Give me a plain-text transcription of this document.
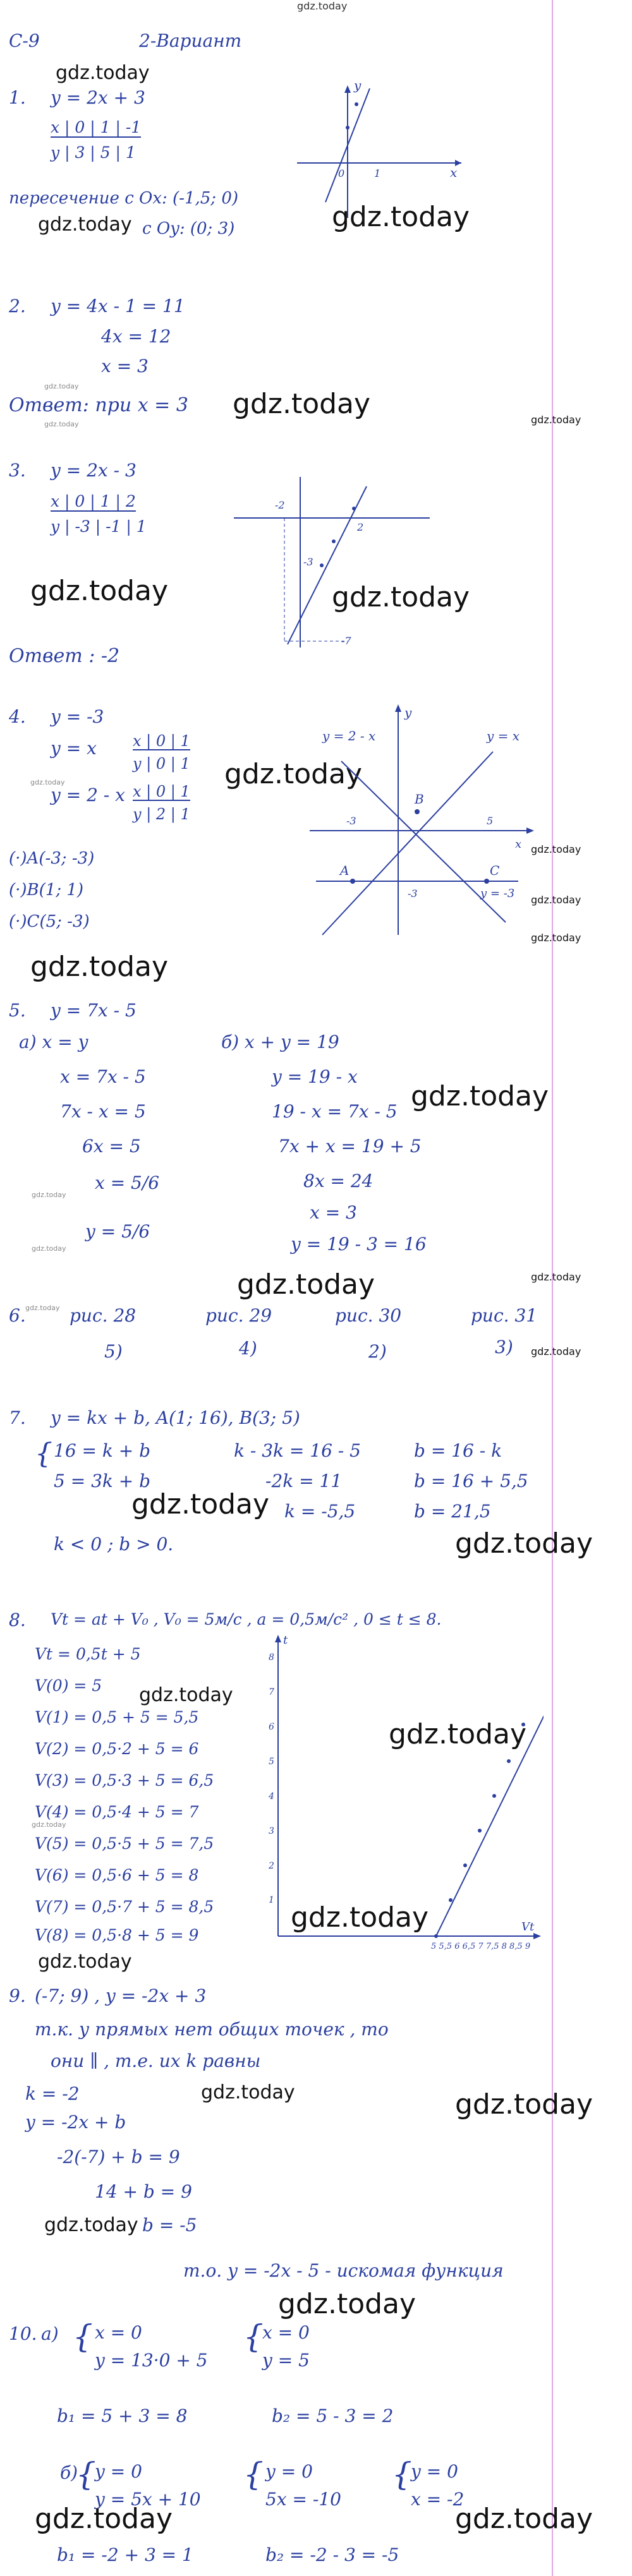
gdz.today
С-9	2-Вариант
gdz.today
1. y = 2x + 3
x | 0 | 1 | -1
y | 3 | 5 | 1
пересечение с Ox: (-1,5; 0)
gdz.today с Oy: (0; 3)
y
x
0	1
gdz.today
2. y = 4x - 1 = 11
4x = 12
x = 3
gdz.today
Ответ: при x = 3 gdz.today
gdz.today	gdz.today
3. y = 2x - 3
x | 0 | 1 | 2
y | -3 | -1 | 1
-2
2
-3
-7
gdz.today	gdz.today
Ответ : -2
4. y = -3
y = x x | 0 | 1
y | 0 | 1
gdz.today
y = 2 - x x | 0 | 1
y | 2 | 1
gdz.today
(·)A(-3; -3)
(·)B(1; 1)
(·)C(5; -3)
y = 2 - x	y = x
y
A
B
C
-3
-3
5
x
y = -3
gdz.today
gdz.today
gdz.today
gdz.today
5. y = 7x - 5
а) x = y
x = 7x - 5
7x - x = 5
6x = 5
x = 5/6
y = 5/6
gdz.today
gdz.today
б) x + y = 19
y = 19 - x
19 - x = 7x - 5
7x + x = 19 + 5
8x = 24
x = 3
y = 19 - 3 = 16
gdz.today
gdz.today	gdz.today
6. gdz.today рис. 28	рис. 29	рис. 30	рис. 31
5)	4)	2)	3) gdz.today
7. y = kx + b, A(1; 16), B(3; 5)
{ 16 = k + b
5 = 3k + b
k - 3k = 16 - 5
-2k = 11
k = -5,5
b = 16 - k
b = 16 + 5,5
b = 21,5
gdz.today
gdz.today
k < 0 ; b > 0.
8. Vt = at + V₀ , V₀ = 5м/с , a = 0,5м/с² , 0 ≤ t ≤ 8.
Vt = 0,5t + 5
V(0) = 5 gdz.today
V(1) = 0,5 + 5 = 5,5
V(2) = 0,5·2 + 5 = 6
V(3) = 0,5·3 + 5 = 6,5
V(4) = 0,5·4 + 5 = 7
gdz.today
V(5) = 0,5·5 + 5 = 7,5
V(6) = 0,5·6 + 5 = 8
V(7) = 0,5·7 + 5 = 8,5
V(8) = 0,5·8 + 5 = 9
gdz.today
t
Vt
1
2
3
4
5
6
7
8
5 5,5 6 6,5 7 7,5 8 8,5 9
gdz.today
gdz.today
9. (-7; 9) , y = -2x + 3
т.к. у прямых нет общих точек , то
они ∥ , т.е. их k равны
gdz.today	gdz.today
k = -2
y = -2x + b
-2(-7) + b = 9
14 + b = 9
gdz.today b = -5
т.о. y = -2x - 5 - искомая функция
gdz.today
10. а) { x = 0
y = 13·0 + 5
{
x = 0
y = 5
b₁ = 5 + 3 = 8	b₂ = 5 - 3 = 2
б)
{
y = 0
y = 5x + 10
{ y = 0
5x = -10
{
y = 0
x = -2
gdz.today	gdz.today
b₁ = -2 + 3 = 1	b₂ = -2 - 3 = -5
